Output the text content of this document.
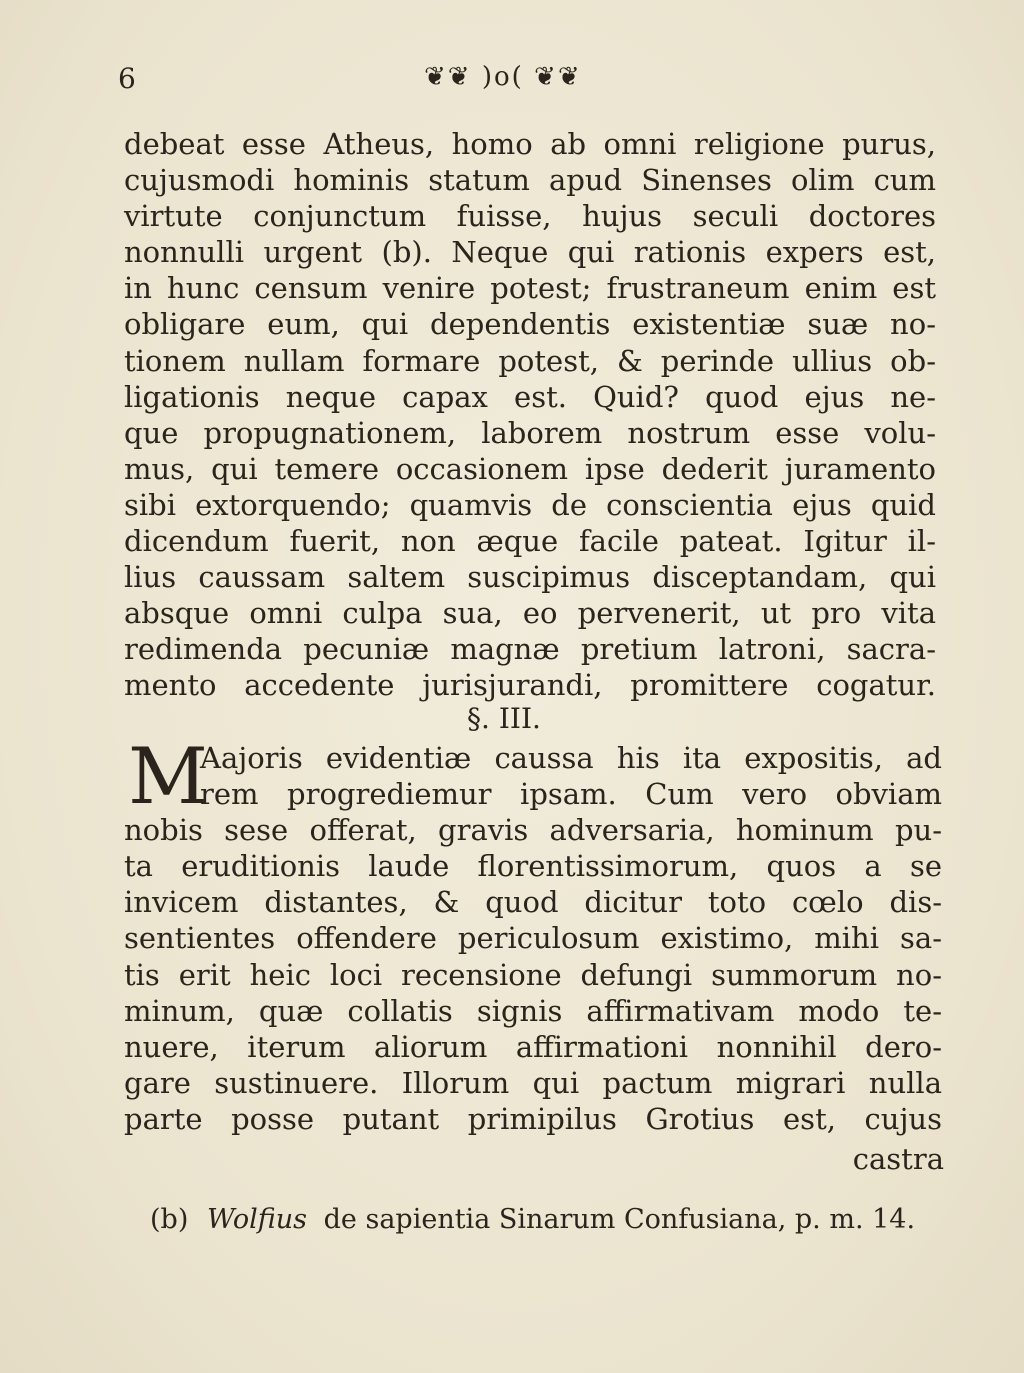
6	❦❦ )o( ❦❦
debeat esse Atheus, homo ab omni religione purus,
cujusmodi hominis statum apud Sinenses olim cum
virtute conjunctum fuisse, hujus seculi doctores
nonnulli urgent (b). Neque qui rationis expers est,
in hunc censum venire potest; frustraneum enim est
obligare eum, qui dependentis existentiæ suæ no-
tionem nullam formare potest, & perinde ullius ob-
ligationis neque capax est. Quid? quod ejus ne-
que propugnationem, laborem nostrum esse volu-
mus, qui temere occasionem ipse dederit juramento
sibi extorquendo; quamvis de conscientia ejus quid
dicendum fuerit, non æque facile pateat. Igitur il-
lius caussam saltem suscipimus disceptandam, qui
absque omni culpa sua, eo pervenerit, ut pro vita
redimenda pecuniæ magnæ pretium latroni, sacra-
mento accedente jurisjurandi, promittere cogatur.
§. III.
M
Aajoris evidentiæ caussa his ita expositis, ad
rem progrediemur ipsam. Cum vero obviam
nobis sese offerat, gravis adversaria, hominum pu-
ta eruditionis laude florentissimorum, quos a se
invicem distantes, & quod dicitur toto cœlo dis-
sentientes offendere periculosum existimo, mihi sa-
tis erit heic loci recensione defungi summorum no-
minum, quæ collatis signis affirmativam modo te-
nuere, iterum aliorum affirmationi nonnihil dero-
gare sustinuere. Illorum qui pactum migrari nulla
parte posse putant primipilus Grotius est, cujus
castra
(b) Wolfius de sapientia Sinarum Confusiana, p. m. 14.
